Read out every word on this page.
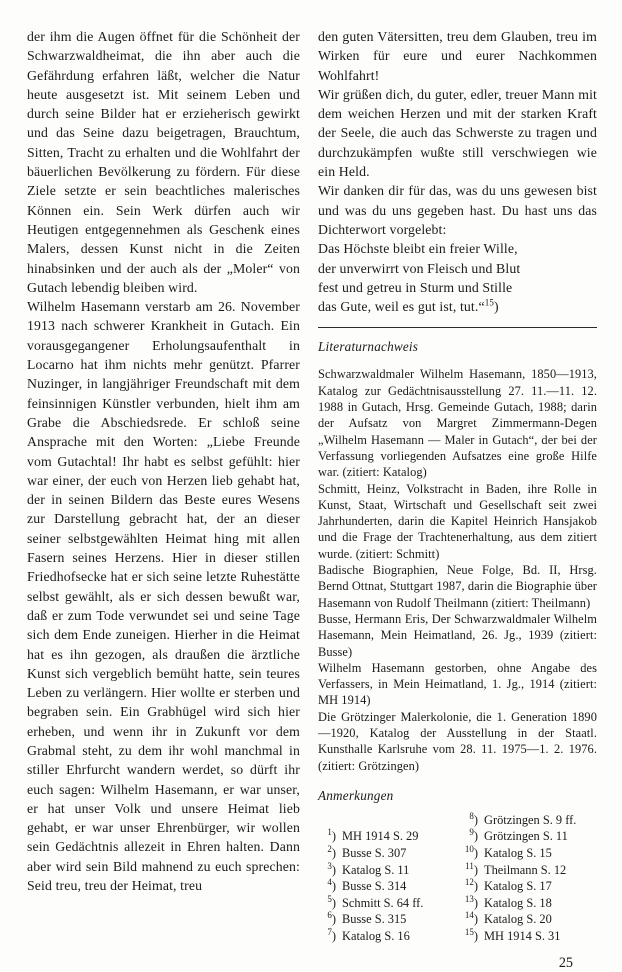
der ihm die Augen öffnet für die Schönheit der Schwarzwaldheimat, die ihn aber auch die Gefährdung erfahren läßt, welcher die Natur heute ausgesetzt ist. Mit seinem Leben und durch seine Bilder hat er erzieherisch gewirkt und das Seine dazu beigetragen, Brauchtum, Sitten, Tracht zu erhalten und die Wohlfahrt der bäuerlichen Bevölkerung zu fördern. Für diese Ziele setzte er sein beachtliches malerisches Können ein. Sein Werk dürfen auch wir Heutigen entgegennehmen als Geschenk eines Malers, dessen Kunst nicht in die Zeiten hinabsinken und der auch als der „Moler“ von Gutach lebendig bleiben wird.

Wilhelm Hasemann verstarb am 26. November 1913 nach schwerer Krankheit in Gutach. Ein vorausgegangener Erholungsaufenthalt in Locarno hat ihm nichts mehr genützt. Pfarrer Nuzinger, in langjähriger Freundschaft mit dem feinsinnigen Künstler verbunden, hielt ihm am Grabe die Abschiedsrede. Er schloß seine Ansprache mit den Worten: „Liebe Freunde vom Gutachtal! Ihr habt es selbst gefühlt: hier war einer, der euch von Herzen lieb gehabt hat, der in seinen Bildern das Beste eures Wesens zur Darstellung gebracht hat, der an dieser seiner selbstgewählten Heimat hing mit allen Fasern seines Herzens. Hier in dieser stillen Friedhofsecke hat er sich seine letzte Ruhestätte selbst gewählt, als er sich dessen bewußt war, daß er zum Tode verwundet sei und seine Tage sich dem Ende zuneigen. Hierher in die Heimat hat es ihn gezogen, als draußen die ärztliche Kunst sich vergeblich bemüht hatte, sein teures Leben zu verlängern. Hier wollte er sterben und begraben sein. Ein Grabhügel wird sich hier erheben, und wenn ihr in Zukunft vor dem Grabmal steht, zu dem ihr wohl manchmal in stiller Ehrfurcht wandern werdet, so dürft ihr euch sagen: Wilhelm Hasemann, er war unser, er hat unser Volk und unsere Heimat lieb gehabt, er war unser Ehrenbürger, wir wollen sein Gedächtnis allezeit in Ehren halten. Dann aber wird sein Bild mahnend zu euch sprechen: Seid treu, treu der Heimat, treu

den guten Vätersitten, treu dem Glauben, treu im Wirken für eure und eurer Nachkommen Wohlfahrt!

Wir grüßen dich, du guter, edler, treuer Mann mit dem weichen Herzen und mit der starken Kraft der Seele, die auch das Schwerste zu tragen und durchzukämpfen wußte still verschwiegen wie ein Held.

Wir danken dir für das, was du uns gewesen bist und was du uns gegeben hast. Du hast uns das Dichterwort vorgelebt:

Das Höchste bleibt ein freier Wille,

der unverwirrt von Fleisch und Blut

fest und getreu in Sturm und Stille

das Gute, weil es gut ist, tut.“$^{15}$)

Literaturnachweis

Schwarzwaldmaler Wilhelm Hasemann, 1850—1913, Katalog zur Gedächtnisausstellung 27. 11.—11. 12. 1988 in Gutach, Hrsg. Gemeinde Gutach, 1988; darin der Aufsatz von Margret Zimmermann-Degen „Wilhelm Hasemann — Maler in Gutach“, der bei der Verfassung vorliegenden Aufsatzes eine große Hilfe war. (zitiert: Katalog)

Schmitt, Heinz, Volkstracht in Baden, ihre Rolle in Kunst, Staat, Wirtschaft und Gesellschaft seit zwei Jahrhunderten, darin die Kapitel Heinrich Hansjakob und die Frage der Trachtenerhaltung, aus dem zitiert wurde. (zitiert: Schmitt)

Badische Biographien, Neue Folge, Bd. II, Hrsg. Bernd Ottnat, Stuttgart 1987, darin die Biographie über Hasemann von Rudolf Theilmann (zitiert: Theilmann)

Busse, Hermann Eris, Der Schwarzwaldmaler Wilhelm Hasemann, Mein Heimatland, 26. Jg., 1939 (zitiert: Busse)

Wilhelm Hasemann gestorben, ohne Angabe des Verfassers, in Mein Heimatland, 1. Jg., 1914 (zitiert: MH 1914)

Die Grötzinger Malerkolonie, die 1. Generation 1890—1920, Katalog der Ausstellung in der Staatl. Kunsthalle Karlsruhe vom 28. 11. 1975—1. 2. 1976. (zitiert: Grötzingen)

Anmerkungen
$^1$) MH 1914 S. 29
$^2$) Busse S. 307
$^3$) Katalog S. 11
$^4$) Busse S. 314
$^5$) Schmitt S. 64 ff.
$^6$) Busse S. 315
$^7$) Katalog S. 16
$^8$) Grötzingen S. 9 ff.
$^9$) Grötzingen S. 11
$^{10}$) Katalog S. 15
$^{11}$) Theilmann S. 12
$^{12}$) Katalog S. 17
$^{13}$) Katalog S. 18
$^{14}$) Katalog S. 20
$^{15}$) MH 1914 S. 31
25
